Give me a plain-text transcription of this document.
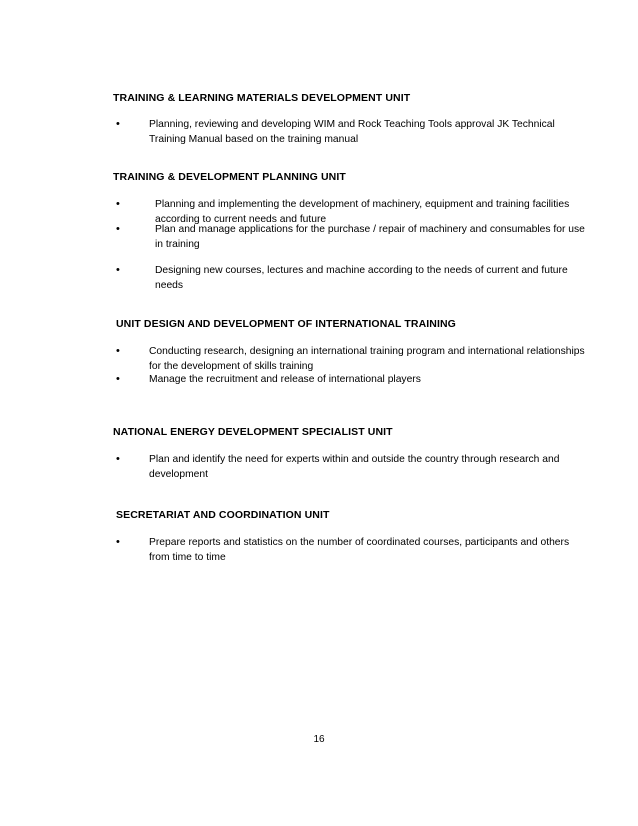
TRAINING & LEARNING MATERIALS DEVELOPMENT UNIT
•	Planning, reviewing and developing WIM and Rock Teaching Tools approval JK Technical Training Manual based on the training manual
TRAINING & DEVELOPMENT PLANNING UNIT
•	Planning and implementing the development of machinery, equipment and training facilities according to current needs and future
•	Plan and manage applications for the purchase / repair of machinery and consumables for use in training
•	Designing new courses, lectures and machine according to the needs of current and future needs
UNIT DESIGN AND DEVELOPMENT OF INTERNATIONAL TRAINING
•	Conducting research, designing an international training program and international relationships for the development of skills training
•	Manage the recruitment and release of international players
NATIONAL ENERGY DEVELOPMENT SPECIALIST UNIT
•	Plan and identify the need for experts within and outside the country through research and development
SECRETARIAT AND COORDINATION UNIT
•	Prepare reports and statistics on the number of coordinated courses, participants and others from time to time
16
